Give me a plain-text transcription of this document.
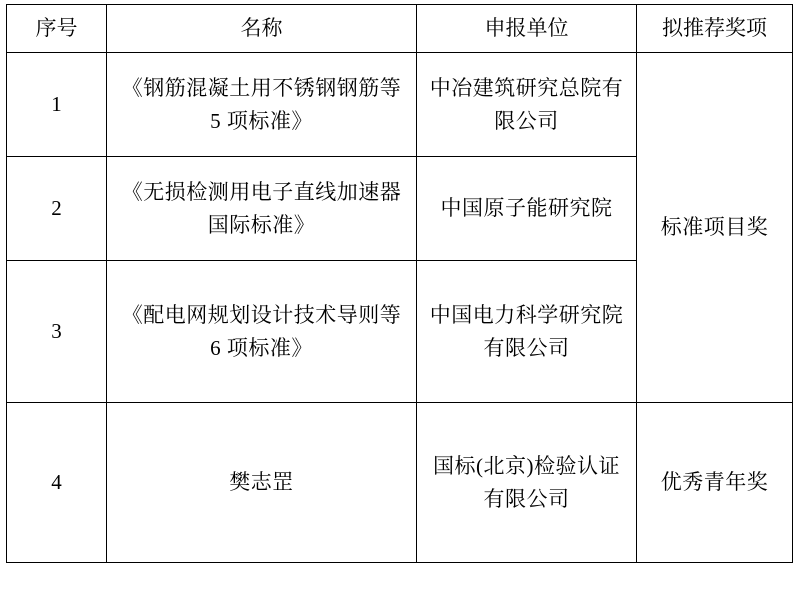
序号	名称	申报单位	拟推荐奖项
1	《钢筋混凝土用不锈钢钢筋等 5 项标准》	中冶建筑研究总院有限公司	标准项目奖
2	《无损检测用电子直线加速器国际标准》	中国原子能研究院	
3	《配电网规划设计技术导则等 6 项标准》	中国电力科学研究院有限公司	
4	樊志罡	国标(北京)检验认证有限公司	优秀青年奖
